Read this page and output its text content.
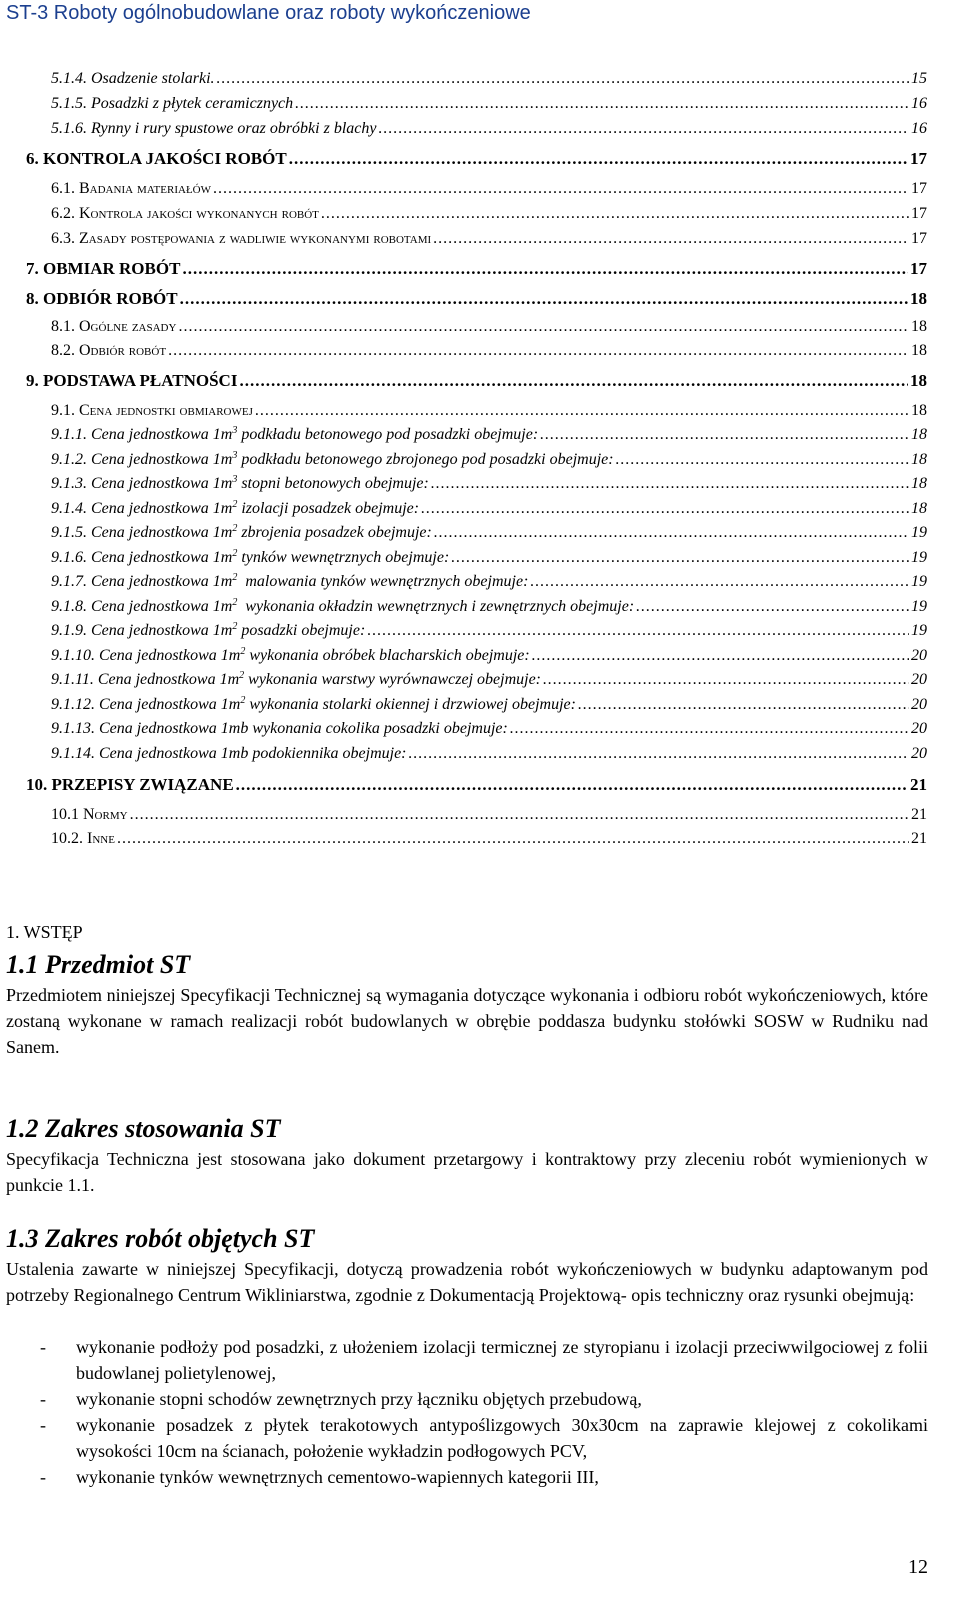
ST-3 Roboty ogólnobudowlane oraz roboty wykończeniowe
5.1.4. Osadzenie stolarki. .....	15
5.1.5. Posadzki z płytek ceramicznych .....	16
5.1.6. Rynny i rury spustowe oraz obróbki z blachy .....	16
6. KONTROLA JAKOŚCI ROBÓT .....	17
6.1. Badania materiałów .....	17
6.2. Kontrola jakości wykonanych robót .....	17
6.3. Zasady postępowania z wadliwie wykonanymi robotami .....	17
7. OBMIAR ROBÓT .....	17
8. ODBIÓR ROBÓT .....	18
8.1. Ogólne zasady .....	18
8.2. Odbiór robót .....	18
9. PODSTAWA PŁATNOŚCI .....	18
9.1. Cena jednostki obmiarowej .....	18
9.1.1. Cena jednostkowa $1m^3$ podkładu betonowego pod posadzki obejmuje: .....	18
9.1.2. Cena jednostkowa $1m^3$ podkładu betonowego zbrojonego pod posadzki obejmuje: .....	18
9.1.3. Cena jednostkowa $1m^3$ stopni betonowych obejmuje: .....	18
9.1.4. Cena jednostkowa $1m^2$ izolacji posadzek obejmuje: .....	18
9.1.5. Cena jednostkowa $1m^2$ zbrojenia posadzek obejmuje: .....	19
9.1.6. Cena jednostkowa $1m^2$ tynków wewnętrznych obejmuje: .....	19
9.1.7. Cena jednostkowa $1m^2$  malowania tynków wewnętrznych obejmuje: .....	19
9.1.8. Cena jednostkowa $1m^2$  wykonania okładzin wewnętrznych i zewnętrznych obejmuje: .....	19
9.1.9. Cena jednostkowa $1m^2$ posadzki obejmuje: .....	19
9.1.10. Cena jednostkowa $1m^2$ wykonania obróbek blacharskich obejmuje: .....	20
9.1.11. Cena jednostkowa $1m^2$ wykonania warstwy wyrównawczej obejmuje: .....	20
9.1.12. Cena jednostkowa $1m^2$ wykonania stolarki okiennej i drzwiowej obejmuje: .....	20
9.1.13. Cena jednostkowa 1mb wykonania cokolika posadzki obejmuje: .....	20
9.1.14. Cena jednostkowa 1mb podokiennika obejmuje: .....	20
10. PRZEPISY ZWIĄZANE .....	21
10.1 Normy .....	21
10.2. Inne .....	21
1. WSTĘP
1.1 Przedmiot ST
Przedmiotem niniejszej Specyfikacji Technicznej są wymagania dotyczące wykonania i odbioru robót wykończeniowych, które zostaną wykonane w ramach realizacji robót budowlanych w obrębie poddasza budynku stołówki SOSW w Rudniku nad Sanem.
1.2 Zakres stosowania ST
Specyfikacja Techniczna jest stosowana jako dokument przetargowy i kontraktowy przy zleceniu robót wymienionych w punkcie 1.1.
1.3 Zakres robót objętych ST
Ustalenia zawarte w niniejszej Specyfikacji, dotyczą prowadzenia robót wykończeniowych w budynku adaptowanym pod potrzeby Regionalnego Centrum Wikliniarstwa, zgodnie z Dokumentacją Projektową- opis techniczny oraz rysunki obejmują:
-	wykonanie podłoży pod posadzki, z ułożeniem izolacji termicznej ze styropianu i izolacji przeciwwilgociowej z folii budowlanej polietylenowej,
-	wykonanie stopni schodów zewnętrznych przy łączniku objętych przebudową,
-	wykonanie posadzek z płytek terakotowych antypoślizgowych 30x30cm na zaprawie klejowej z cokolikami wysokości 10cm na ścianach, położenie wykładzin podłogowych PCV,
-	wykonanie tynków wewnętrznych cementowo-wapiennych kategorii III,
12
